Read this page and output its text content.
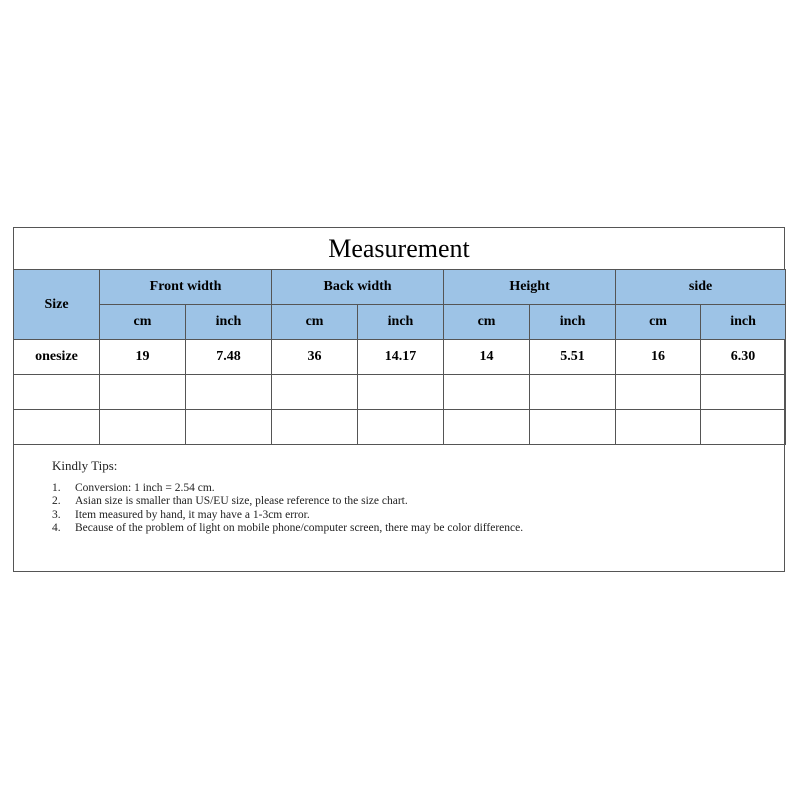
Measurement
Size	Front width		Back width		Height		side	
	cm	inch	cm	inch	cm	inch	cm	inch
onesize	19	7.48	36	14.17	14	5.51	16	6.30

Kindly Tips:
1.	Conversion: 1 inch = 2.54 cm.
2.	Asian size is smaller than US/EU size, please reference to the size chart.
3.	Item measured by hand, it may have a 1-3cm error.
4.	Because of the problem of light on mobile phone/computer screen, there may be color difference.
